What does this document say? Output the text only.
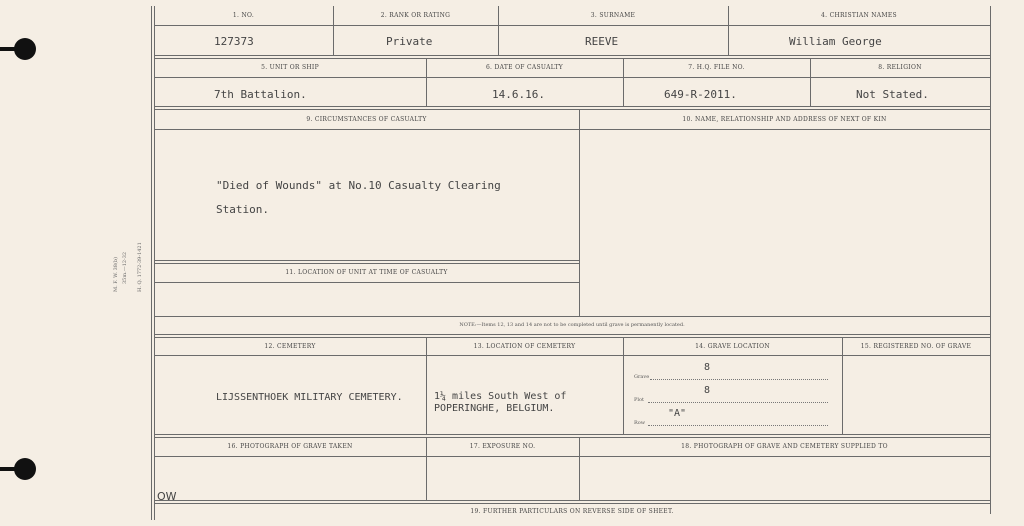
M. F. W. 38(b) 35m.—12-32 H. Q. 1772-39-1421
1. NO.
127373
2. RANK OR RATING
Private
3. SURNAME
REEVE
4. CHRISTIAN NAMES
William George
5. UNIT OR SHIP
7th Battalion.
6. DATE OF CASUALTY
14.6.16.
7. H.Q. FILE NO.
649-R-2011.
8. RELIGION
Not Stated.
9. CIRCUMSTANCES OF CASUALTY
"Died of Wounds" at No.10 Casualty Clearing
Station.
10. NAME, RELATIONSHIP AND ADDRESS OF NEXT OF KIN
11. LOCATION OF UNIT AT TIME OF CASUALTY
NOTE:—Items 12, 13 and 14 are not to be completed until grave is permanently located.
12. CEMETERY
LIJSSENTHOEK MILITARY CEMETERY.
13. LOCATION OF CEMETERY
1¼ miles South West of
POPERINGHE, BELGIUM.
14. GRAVE LOCATION
8
Grave
8
Plot
"A"
Row
15. REGISTERED NO. OF GRAVE
16. PHOTOGRAPH OF GRAVE TAKEN	17. EXPOSURE NO.	18. PHOTOGRAPH OF GRAVE AND CEMETERY SUPPLIED TO
OW
19. FURTHER PARTICULARS ON REVERSE SIDE OF SHEET.
